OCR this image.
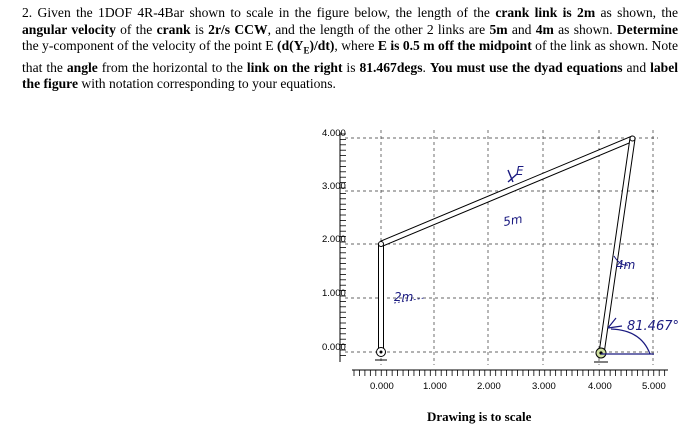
2. Given the 1DOF 4R-4Bar shown to scale in the figure below, the length of the crank link is 2m as shown, the angular velocity of the crank is 2r/s CCW, and the length of the other 2 links are 5m and 4m as shown. Determine the y-component of the velocity of the point E $(d(Y_E)/dt)$, where E is 0.5 m off the midpoint of the link as shown. Note that the angle from the horizontal to the link on the right is 81.467degs. You must use the dyad equations and label the figure with notation corresponding to your equations.

4.000
3.000
2.000
1.000
0.000
0.000	1.000	2.000	3.000	4.000	5.000
E
5m
2m
4m
81.467°
Drawing is to scale
